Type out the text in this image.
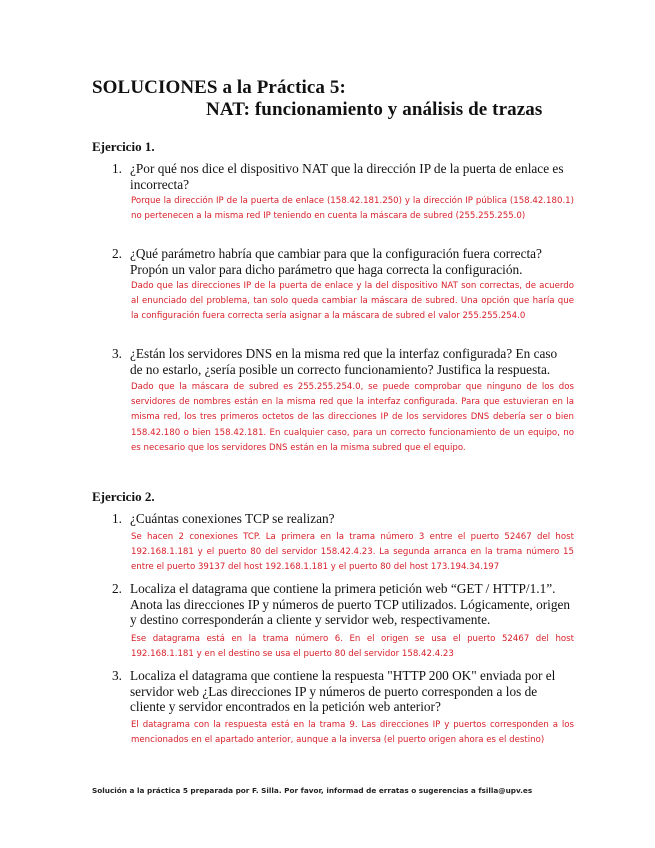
SOLUCIONES a la Práctica 5:
NAT: funcionamiento y análisis de trazas
Ejercicio 1.
1. ¿Por qué nos dice el dispositivo NAT que la dirección IP de la puerta de enlace es incorrecta?
Porque la dirección IP de la puerta de enlace (158.42.181.250) y la dirección IP pública (158.42.180.1) no pertenecen a la misma red IP teniendo en cuenta la máscara de subred (255.255.255.0)
2. ¿Qué parámetro habría que cambiar para que la configuración fuera correcta? Propón un valor para dicho parámetro que haga correcta la configuración.
Dado que las direcciones IP de la puerta de enlace y la del dispositivo NAT son correctas, de acuerdo al enunciado del problema, tan solo queda cambiar la máscara de subred. Una opción que haría que la configuración fuera correcta sería asignar a la máscara de subred el valor 255.255.254.0
3. ¿Están los servidores DNS en la misma red que la interfaz configurada? En caso de no estarlo, ¿sería posible un correcto funcionamiento? Justifica la respuesta.
Dado que la máscara de subred es 255.255.254.0, se puede comprobar que ninguno de los dos servidores de nombres están en la misma red que la interfaz configurada. Para que estuvieran en la misma red, los tres primeros octetos de las direcciones IP de los servidores DNS debería ser o bien 158.42.180 o bien 158.42.181. En cualquier caso, para un correcto funcionamiento de un equipo, no es necesario que los servidores DNS están en la misma subred que el equipo.
Ejercicio 2.
1. ¿Cuántas conexiones TCP se realizan?
Se hacen 2 conexiones TCP. La primera en la trama número 3 entre el puerto 52467 del host 192.168.1.181 y el puerto 80 del servidor 158.42.4.23. La segunda arranca en la trama número 15 entre el puerto 39137 del host 192.168.1.181 y el puerto 80 del host 173.194.34.197
2. Localiza el datagrama que contiene la primera petición web “GET / HTTP/1.1”. Anota las direcciones IP y números de puerto TCP utilizados. Lógicamente, origen y destino corresponderán a cliente y servidor web, respectivamente.
Ese datagrama está en la trama número 6. En el origen se usa el puerto 52467 del host 192.168.1.181 y en el destino se usa el puerto 80 del servidor 158.42.4.23
3. Localiza el datagrama que contiene la respuesta "HTTP 200 OK" enviada por el servidor web ¿Las direcciones IP y números de puerto corresponden a los de cliente y servidor encontrados en la petición web anterior?
El datagrama con la respuesta está en la trama 9. Las direcciones IP y puertos corresponden a los mencionados en el apartado anterior, aunque a la inversa (el puerto origen ahora es el destino)
Solución a la práctica 5 preparada por F. Silla. Por favor, informad de erratas o sugerencias a fsilla@upv.es
